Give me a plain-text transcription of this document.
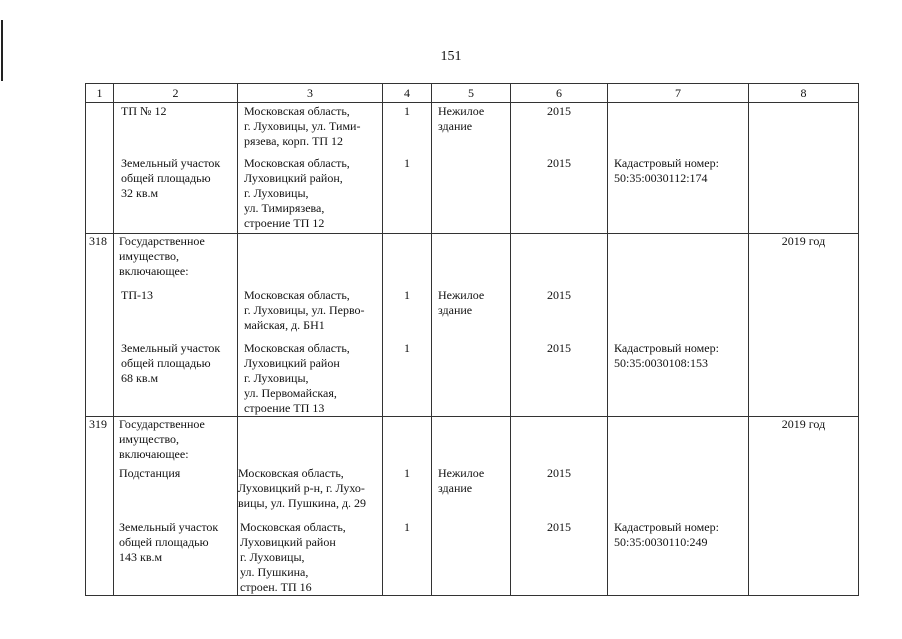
151
1	2	3	4	5	6	7	8

	ТП № 12	Московская область,
г. Луховицы, ул. Тими-
рязева, корп. ТП 12	1	Нежилое
здание	2015		

	Земельный участок
общей площадью
32 кв.м	Московская область,
Луховицкий район,
г. Луховицы,
ул. Тимирязева,
строение ТП 12	1		2015	Кадастровый номер:
50:35:0030112:174	

318	Государственное
имущество,
включающее:						2019 год

	ТП-13	Московская область,
г. Луховицы, ул. Перво-
майская, д. БН1	1	Нежилое
здание	2015		

	Земельный участок
общей площадью
68 кв.м	Московская область,
Луховицкий район
г. Луховицы,
ул. Первомайская,
строение ТП 13	1		2015	Кадастровый номер:
50:35:0030108:153	

319	Государственное
имущество,
включающее:						2019 год

	Подстанция	Московская область,
Луховицкий р-н, г. Лухо-
вицы, ул. Пушкина, д. 29	1	Нежилое
здание	2015		

	Земельный участок
общей площадью
143 кв.м	Московская область,
Луховицкий район
г. Луховицы,
ул. Пушкина,
строен. ТП 16	1		2015	Кадастровый номер:
50:35:0030110:249	
